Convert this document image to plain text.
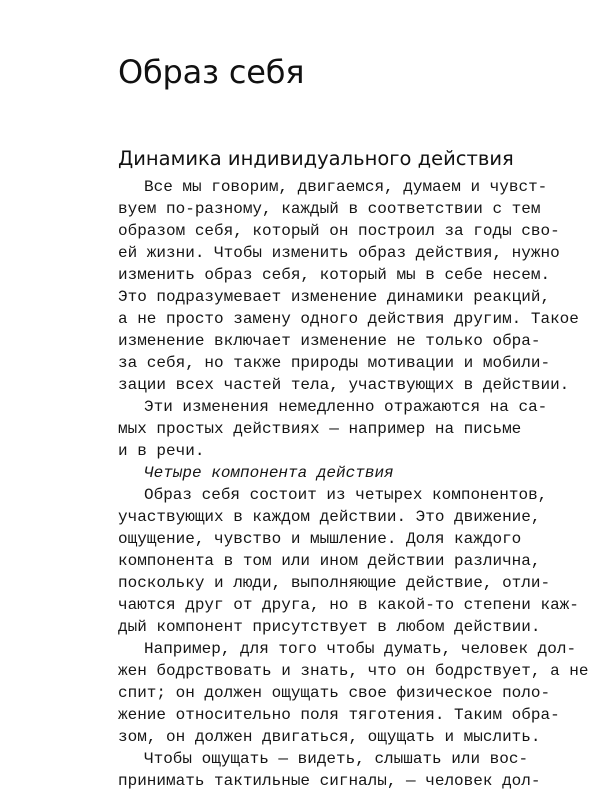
Образ себя
Динамика индивидуального действия
Все мы говорим, двигаемся, думаем и чувст-
вуем по-разному, каждый в соответствии с тем
образом себя, который он построил за годы сво-
ей жизни. Чтобы изменить образ действия, нужно
изменить образ себя, который мы в себе несем.
Это подразумевает изменение динамики реакций,
а не просто замену одного действия другим. Такое
изменение включает изменение не только обра-
за себя, но также природы мотивации и мобили-
зации всех частей тела, участвующих в действии.
Эти изменения немедленно отражаются на са-
мых простых действиях — например на письме
и в речи.
Четыре компонента действия
Образ себя состоит из четырех компонентов,
участвующих в каждом действии. Это движение,
ощущение, чувство и мышление. Доля каждого
компонента в том или ином действии различна,
поскольку и люди, выполняющие действие, отли-
чаются друг от друга, но в какой-то степени каж-
дый компонент присутствует в любом действии.
Например, для того чтобы думать, человек дол-
жен бодрствовать и знать, что он бодрствует, а не
спит; он должен ощущать свое физическое поло-
жение относительно поля тяготения. Таким обра-
зом, он должен двигаться, ощущать и мыслить.
Чтобы ощущать — видеть, слышать или вос-
принимать тактильные сигналы, — человек дол-
